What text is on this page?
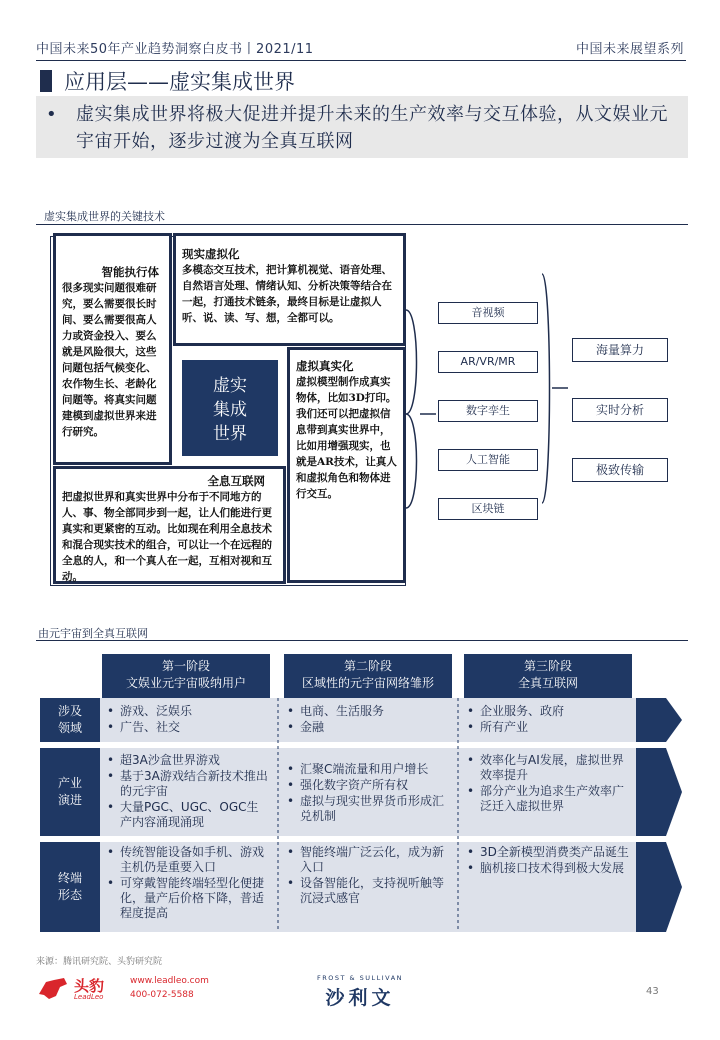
中国未来50年产业趋势洞察白皮书丨2021/11	中国未来展望系列
应用层——虚实集成世界
• 虚实集成世界将极大促进并提升未来的生产效率与交互体验，从文娱业元宇宙开始，逐步过渡为全真互联网
虚实集成世界的关键技术
智能执行体
很多现实问题很难研究，要么需要很长时间、要么需要很高人力或资金投入、要么就是风险很大，这些问题包括气候变化、农作物生长、老龄化问题等。将真实问题建模到虚拟世界来进行研究。
现实虚拟化
多模态交互技术，把计算机视觉、语音处理、自然语言处理、情绪认知、分析决策等结合在一起，打通技术链条，最终目标是让虚拟人听、说、读、写、想，全都可以。
虚拟真实化
虚拟模型制作成真实物体，比如3D打印。我们还可以把虚拟信息带到真实世界中，比如用增强现实，也就是AR技术，让真人和虚拟角色和物体进行交互。
全息互联网
把虚拟世界和真实世界中分布于不同地方的人、事、物全部同步到一起，让人们能进行更真实和更紧密的互动。比如现在利用全息技术和混合现实技术的组合，可以让一个在远程的全息的人，和一个真人在一起，互相对视和互动。
虚实
集成
世界
音视频
AR/VR/MR
数字孪生
人工智能
区块链
海量算力
实时分析
极致传输
由元宇宙到全真互联网
第一阶段
文娱业元宇宙吸纳用户
第二阶段
区域性的元宇宙网络雏形
第三阶段
全真互联网
涉及
领域
• 游戏、泛娱乐
• 广告、社交
• 电商、生活服务
• 金融
• 企业服务、政府
• 所有产业
产业
演进
• 超3A沙盒世界游戏
• 基于3A游戏结合新技术推出的元宇宙
• 大量PGC、UGC、OGC生产内容涌现涌现
• 汇聚C端流量和用户增长
• 强化数字资产所有权
• 虚拟与现实世界货币形成汇兑机制
• 效率化与AI发展，虚拟世界效率提升
• 部分产业为追求生产效率广泛迁入虚拟世界
终端
形态
• 传统智能设备如手机、游戏主机仍是重要入口
• 可穿戴智能终端轻型化便捷化，量产后价格下降，普适程度提高
• 智能终端广泛云化，成为新入口
• 设备智能化，支持视听触等沉浸式感官
• 3D全新模型消费类产品诞生
• 脑机接口技术得到极大发展
来源：腾讯研究院、头豹研究院
头豹
LeadLeo
www.leadleo.com
400-072-5588
FROST & SULLIVAN
沙利文	43
